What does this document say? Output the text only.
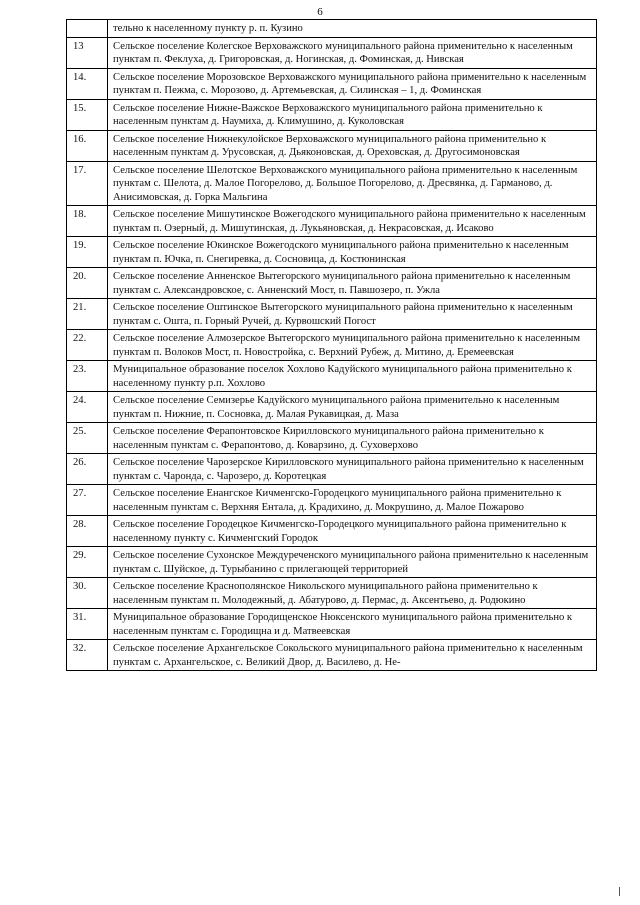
6
	тельно к населенному пункту р. п. Кузино
13	Сельское поселение Колегское Верховажского муниципального района применительно к населенным пунктам п. Феклуха, д. Григоровская, д. Ногинская, д. Фоминская, д. Нивская
14.	Сельское поселение Морозовское Верховажского муниципального района применительно к населенным пунктам п. Пежма, с. Морозово, д. Артемьевская, д. Силинская – 1, д. Фоминская
15.	Сельское поселение Нижне-Важское Верховажского муниципального района применительно к населенным пунктам д. Наумиха, д. Климушино, д. Куколовская
16.	Сельское поселение Нижнекулойское Верховажского муниципального района применительно к населенным пунктам д. Урусовская, д. Дьяконовская, д. Ореховская, д. Другосимоновская
17.	Сельское поселение Шелотское Верховажского муниципального района применительно к населенным пунктам с. Шелота, д. Малое Погорелово, д. Большое Погорелово, д. Дресвянка, д. Гарманово, д. Анисимовская, д. Горка Мальгина
18.	Сельское поселение Мишутинское Вожегодского муниципального района применительно к населенным пунктам п. Озерный, д. Мишутинская, д. Лукьяновская, д. Некрасовская, д. Исаково
19.	Сельское поселение Юкинское Вожегодского муниципального района применительно к населенным пунктам п. Ючка, п. Снегиревка, д. Сосновица, д. Костюнинская
20.	Сельское поселение Анненское Вытегорского муниципального района применительно к населенным пунктам с. Александровское, с. Анненский Мост, п. Павшозеро, п. Ужла
21.	Сельское поселение Оштинское Вытегорского муниципального района применительно к населенным пунктам с. Ошта, п. Горный Ручей, д. Курвошский Погост
22.	Сельское поселение Алмозерское Вытегорского муниципального района применительно к населенным пунктам п. Волоков Мост, п. Новостройка, с. Верхний Рубеж, д. Митино, д. Еремеевская
23.	Муниципальное образование поселок Хохлово Кадуйского муниципального района применительно к населенному пункту р.п. Хохлово
24.	Сельское поселение Семизерье Кадуйского муниципального района применительно к населенным пунктам п. Нижние, п. Сосновка, д. Малая Рукавицкая, д. Маза
25.	Сельское поселение Ферапонтовское Кирилловского муниципального района применительно к населенным пунктам с. Ферапонтово, д. Коварзино, д. Суховерхово
26.	Сельское поселение Чарозерское Кирилловского муниципального района применительно к населенным пунктам с. Чаронда, с. Чарозеро, д. Коротецкая
27.	Сельское поселение Енангское Кичменгско-Городецкого муниципального района применительно к населенным пунктам с. Верхняя Ентала, д. Крадихино, д. Мокрушино, д. Малое Пожарово
28.	Сельское поселение Городецкое Кичменгско-Городецкого муниципального района применительно к населенному пункту с. Кичменгский Городок
29.	Сельское поселение Сухонское Междуреченского муниципального района применительно к населенным пунктам с. Шуйское, д. Турыбанино с прилегающей территорией
30.	Сельское поселение Краснополянское Никольского муниципального района применительно к населенным пунктам п. Молодежный, д. Абатурово, д. Пермас, д. Аксентьево, д. Родюкино
31.	Муниципальное образование Городищенское Нюксенского муниципального района применительно к населенным пунктам с. Городищна и д. Матвеевская
32.	Сельское поселение Архангельское Сокольского муниципального района применительно к населенным пунктам с. Архангельское, с. Великий Двор, д. Василево, д. Не-
